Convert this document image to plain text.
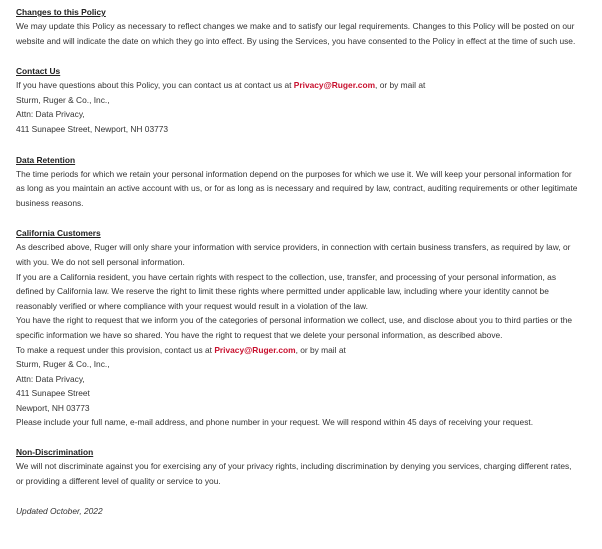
Changes to this Policy

We may update this Policy as necessary to reflect changes we make and to satisfy our legal requirements. Changes to this Policy will be posted on our
website and will indicate the date on which they go into effect. By using the Services, you have consented to the Policy in effect at the time of such use.

Contact Us

If you have questions about this Policy, you can contact us at contact us at Privacy@Ruger.com, or by mail at
Sturm, Ruger & Co., Inc.,
Attn: Data Privacy,
411 Sunapee Street, Newport, NH 03773

Data Retention

The time periods for which we retain your personal information depend on the purposes for which we use it. We will keep your personal information for
as long as you maintain an active account with us, or for as long as is necessary and required by law, contract, auditing requirements or other legitimate
business reasons.

California Customers

As described above, Ruger will only share your information with service providers, in connection with certain business transfers, as required by law, or
with you. We do not sell personal information.
If you are a California resident, you have certain rights with respect to the collection, use, transfer, and processing of your personal information, as
defined by California law. We reserve the right to limit these rights where permitted under applicable law, including where your identity cannot be
reasonably verified or where compliance with your request would result in a violation of the law.
You have the right to request that we inform you of the categories of personal information we collect, use, and disclose about you to third parties or the
specific information we have so shared. You have the right to request that we delete your personal information, as described above.
To make a request under this provision, contact us at Privacy@Ruger.com, or by mail at
Sturm, Ruger & Co., Inc.,
Attn: Data Privacy,
411 Sunapee Street
Newport, NH 03773
Please include your full name, e-mail address, and phone number in your request. We will respond within 45 days of receiving your request.

Non-Discrimination

We will not discriminate against you for exercising any of your privacy rights, including discrimination by denying you services, charging different rates,
or providing a different level of quality or service to you.

Updated October, 2022
